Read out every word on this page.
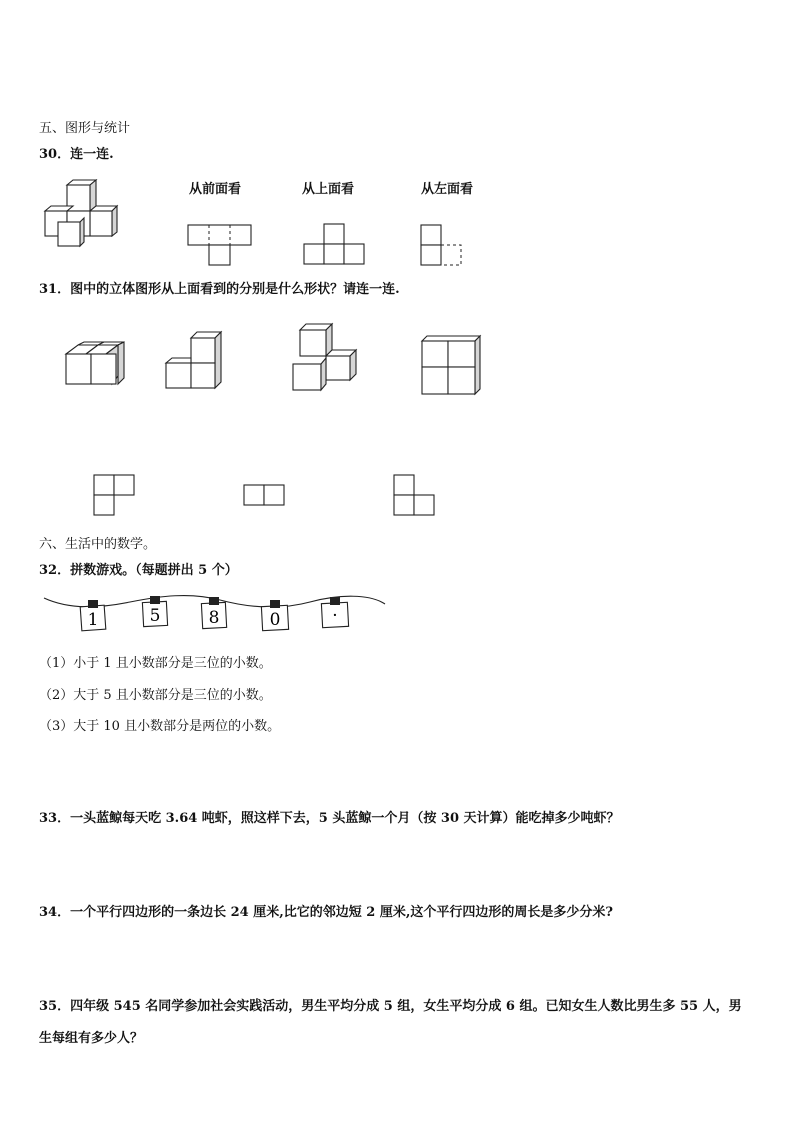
五、图形与统计
30．连一连.
从前面看	从上面看	从左面看
31．图中的立体图形从上面看到的分别是什么形状？请连一连.
六、生活中的数学。
32．拼数游戏。（每题拼出 5 个）
1	5	8	0	·
（1）小于 1 且小数部分是三位的小数。
（2）大于 5 且小数部分是三位的小数。
（3）大于 10 且小数部分是两位的小数。
33．一头蓝鲸每天吃 3.64 吨虾，照这样下去，5 头蓝鲸一个月（按 30 天计算）能吃掉多少吨虾？
34．一个平行四边形的一条边长 24 厘米,比它的邻边短 2 厘米,这个平行四边形的周长是多少分米?
35．四年级 545 名同学参加社会实践活动，男生平均分成 5 组，女生平均分成 6 组。已知女生人数比男生多 55 人，男
生每组有多少人？
